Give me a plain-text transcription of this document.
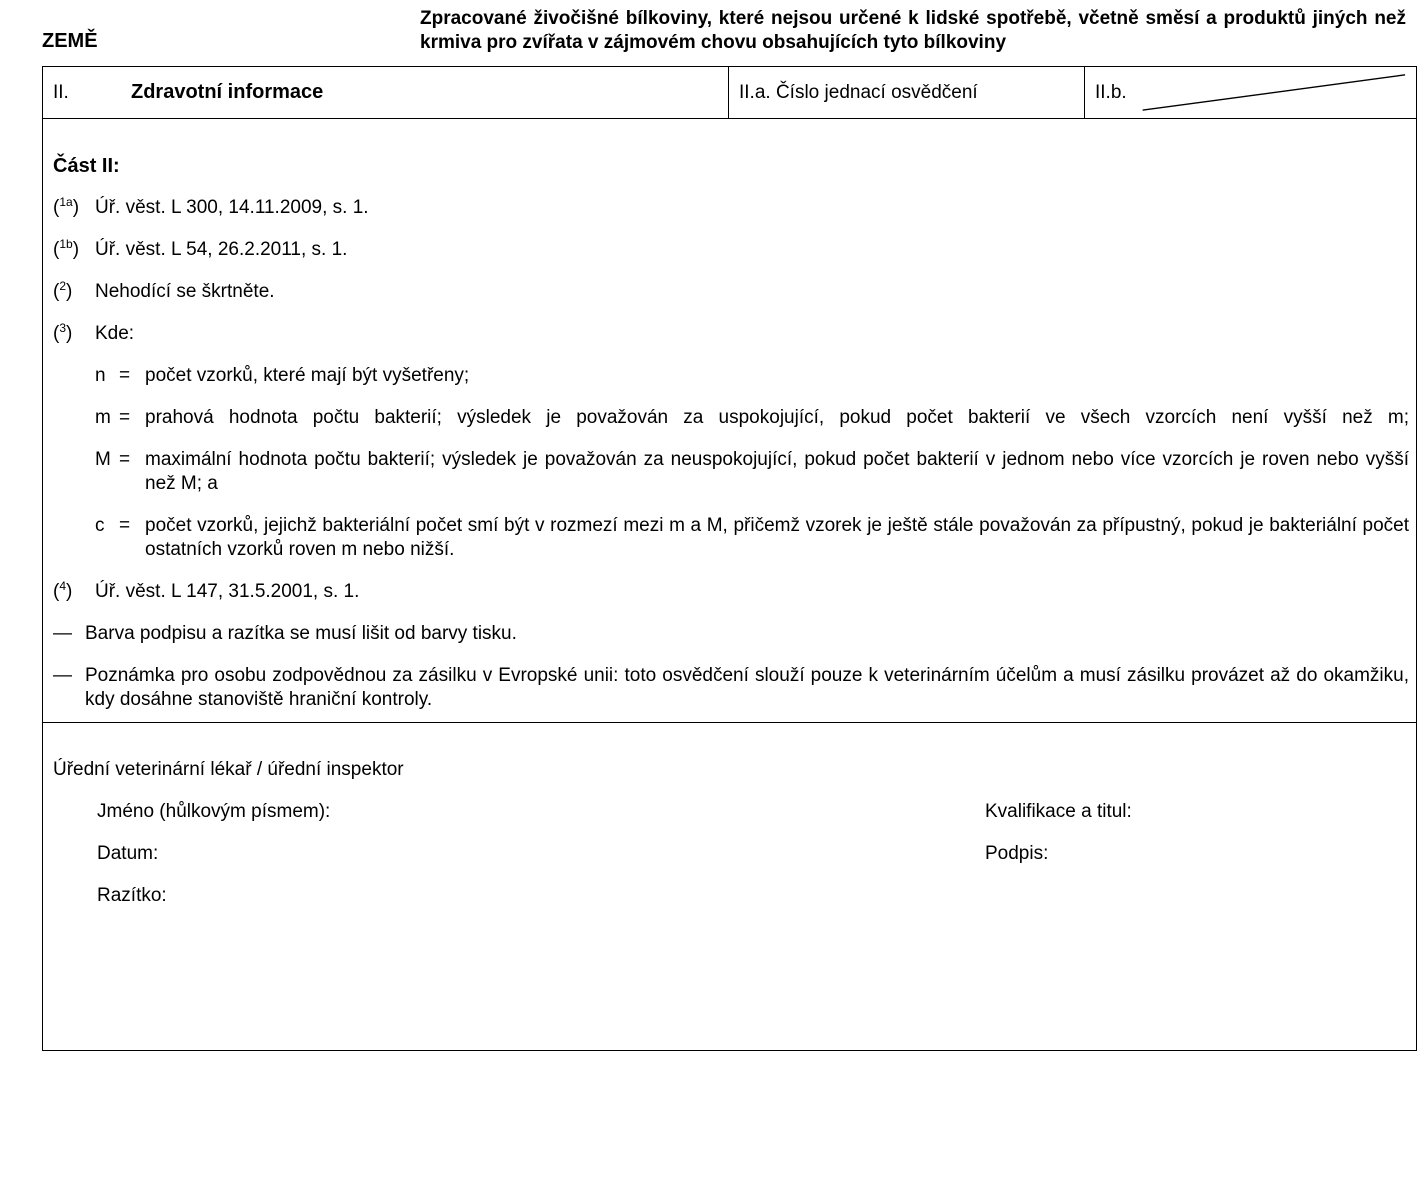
ZEMĚ
Zpracované živočišné bílkoviny, které nejsou určené k lidské spotřebě, včetně směsí a produktů jiných než krmiva pro zvířata v zájmovém chovu obsahujících tyto bílkoviny
II.	Zdravotní informace	II.a. Číslo jednací osvědčení	II.b.
Část II:
($^{1a}$) Úř. věst. L 300, 14.11.2009, s. 1.
($^{1b}$) Úř. věst. L 54, 26.2.2011, s. 1.
($^2$)	Nehodící se škrtněte.
($^3$)	Kde:
n = počet vzorků, které mají být vyšetřeny;
m = prahová hodnota počtu bakterií; výsledek je považován za uspokojující, pokud počet bakterií ve všech vzorcích není vyšší než m;
M = maximální hodnota počtu bakterií; výsledek je považován za neuspokojující, pokud počet bakterií v jednom nebo více vzorcích je roven nebo vyšší než M; a
c = počet vzorků, jejichž bakteriální počet smí být v rozmezí mezi m a M, přičemž vzorek je ještě stále považován za přípustný, pokud je bakteriální počet ostatních vzorků roven m nebo nižší.
($^4$)	Úř. věst. L 147, 31.5.2001, s. 1.
— Barva podpisu a razítka se musí lišit od barvy tisku.
— Poznámka pro osobu zodpovědnou za zásilku v Evropské unii: toto osvědčení slouží pouze k veterinárním účelům a musí zásilku provázet až do okamžiku, kdy dosáhne stanoviště hraniční kontroly.
Úřední veterinární lékař / úřední inspektor
Jméno (hůlkovým písmem):	Kvalifikace a titul:
Datum:	Podpis:
Razítko:
